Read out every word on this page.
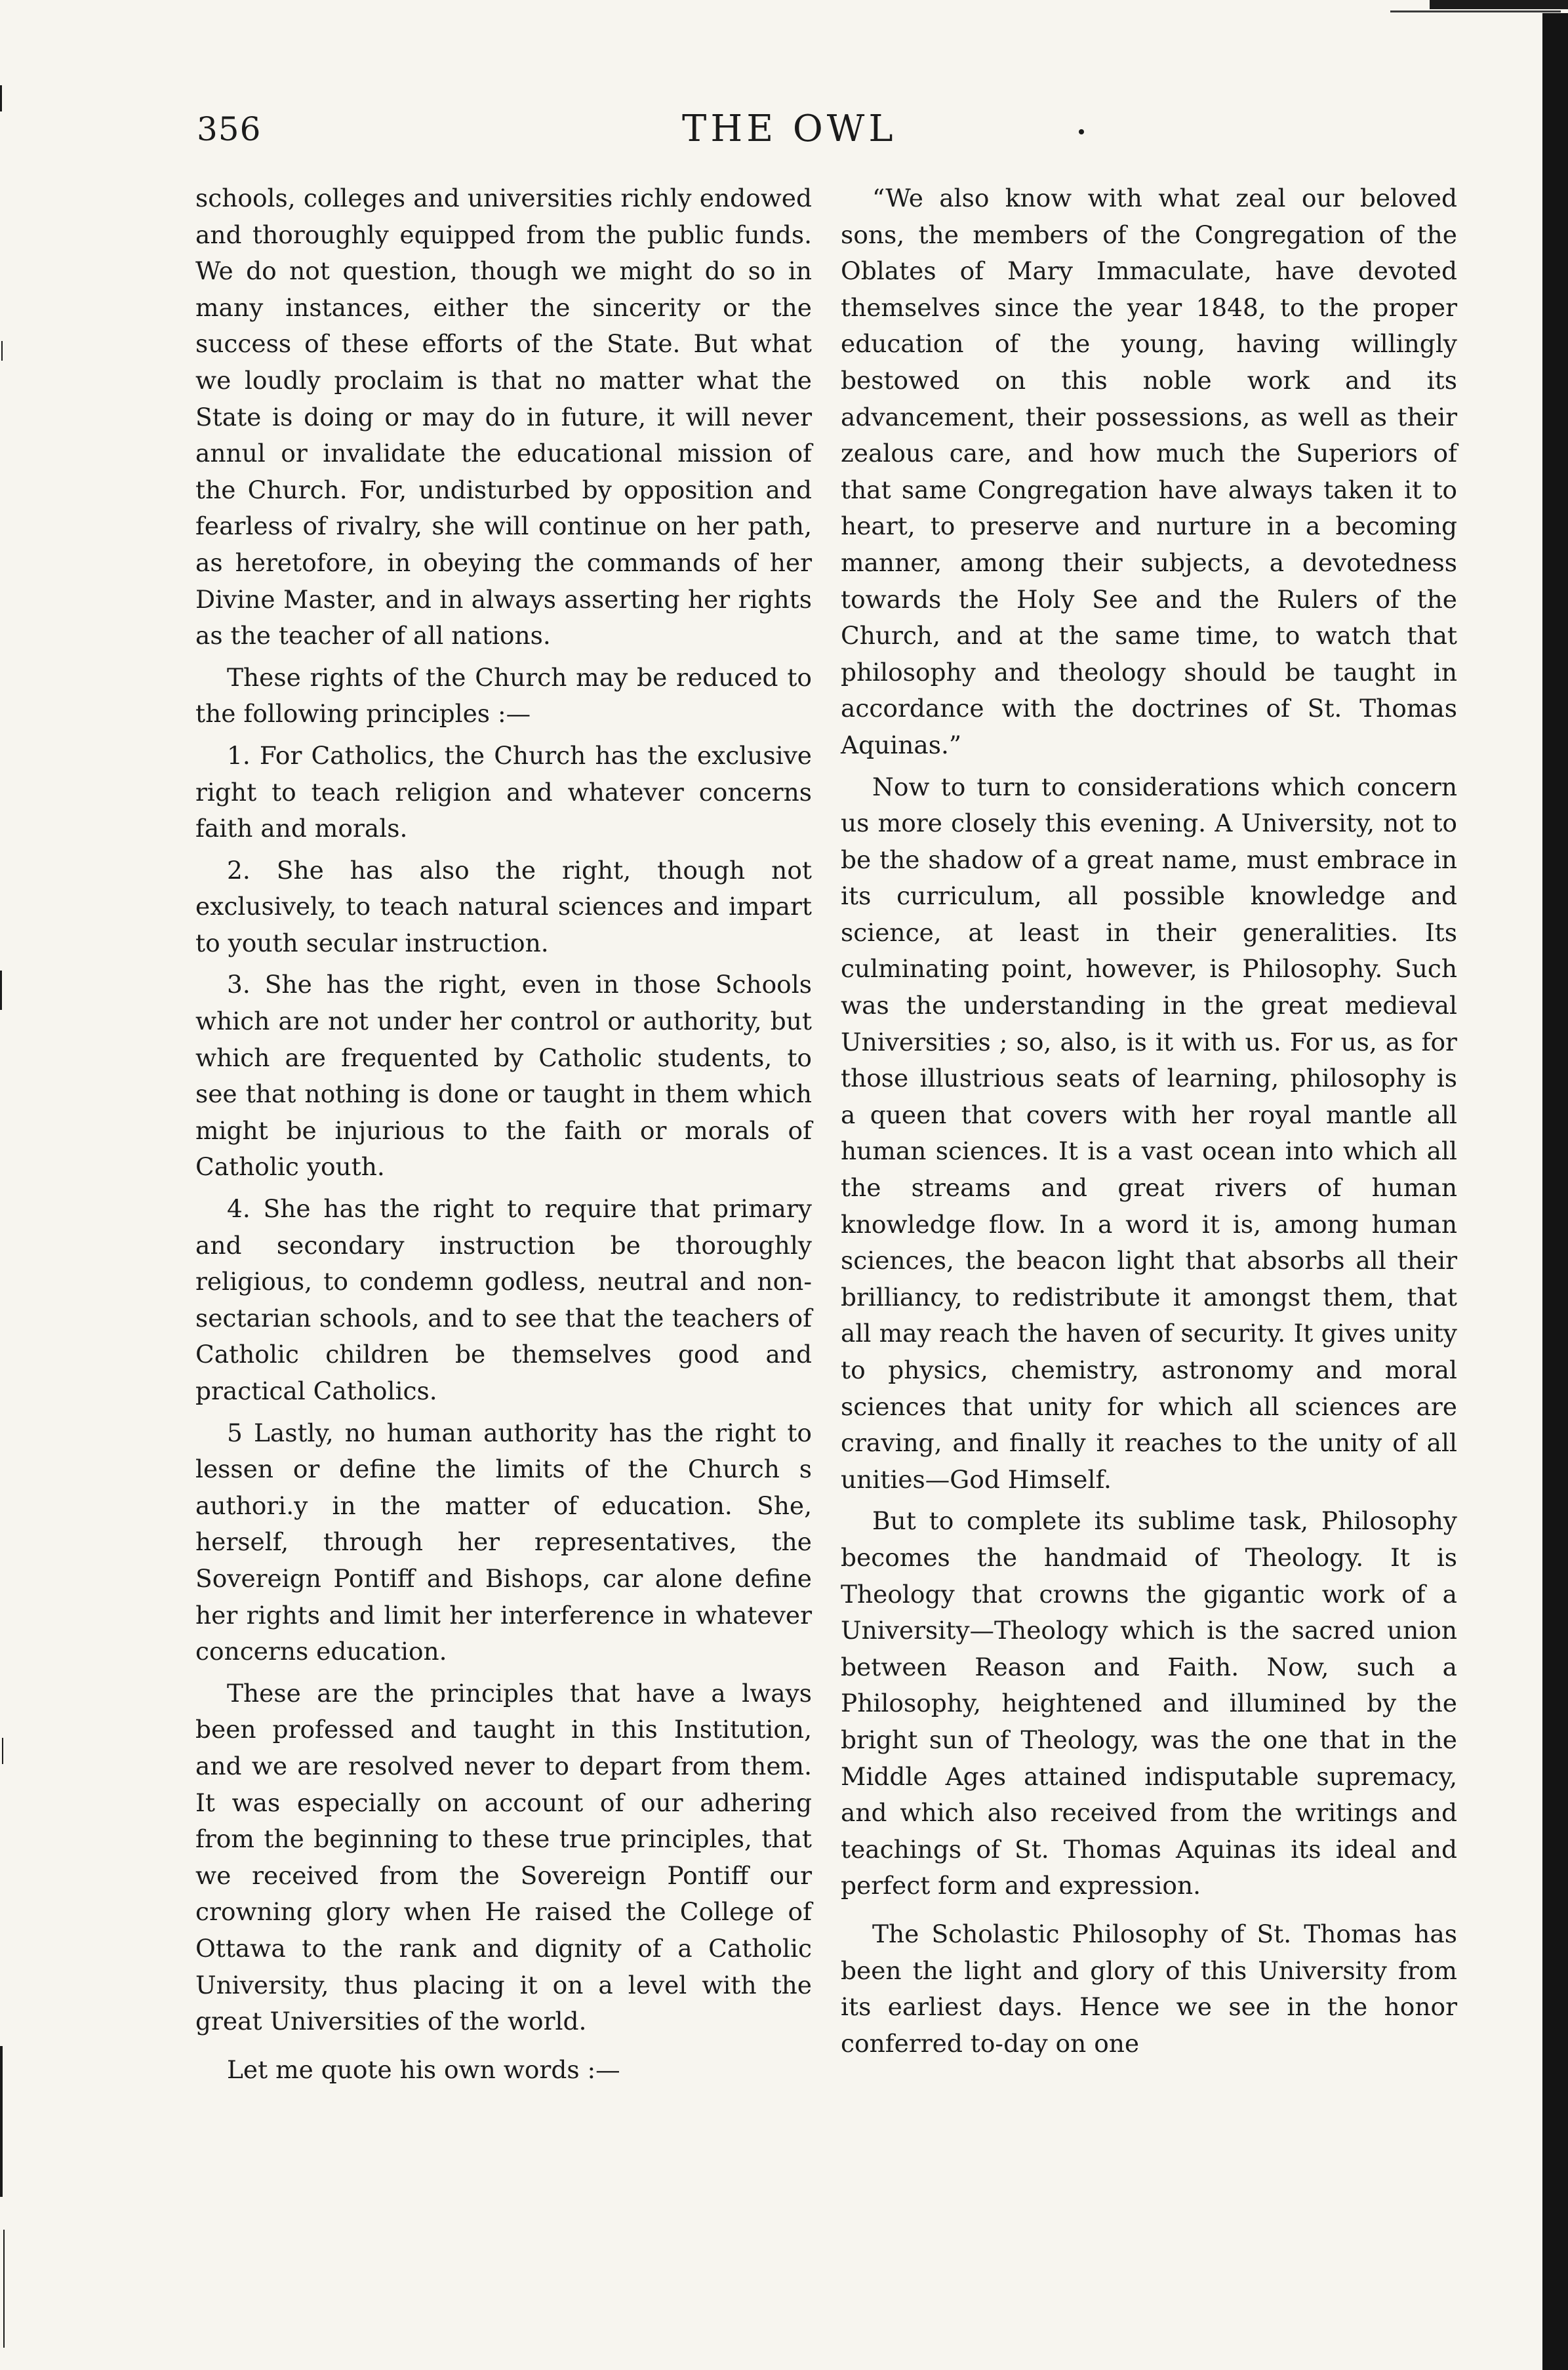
356	THE OWL

schools, colleges and universities richly endowed and thoroughly equipped from the public funds. We do not question, though we might do so in many instances, either the sincerity or the success of these efforts of the State. But what we loudly proclaim is that no matter what the State is doing or may do in future, it will never annul or invalidate the educational mission of the Church. For, undisturbed by opposition and fearless of rivalry, she will continue on her path, as heretofore, in obeying the commands of her Divine Master, and in always asserting her rights as the teacher of all nations.

These rights of the Church may be reduced to the following principles :—

1. For Catholics, the Church has the exclusive right to teach religion and whatever concerns faith and morals.

2. She has also the right, though not exclusively, to teach natural sciences and impart to youth secular instruction.

3. She has the right, even in those Schools which are not under her control or authority, but which are frequented by Catholic students, to see that nothing is done or taught in them which might be injurious to the faith or morals of Catholic youth.

4. She has the right to require that primary and secondary instruction be thoroughly religious, to condemn godless, neutral and non-sectarian schools, and to see that the teachers of Catholic children be themselves good and practical Catholics.

5 Lastly, no human authority has the right to lessen or define the limits of the Church s authori.y in the matter of education. She, herself, through her representatives, the Sovereign Pontiff and Bishops, car alone define her rights and limit her interference in whatever concerns education.

These are the principles that have a lways been professed and taught in this Institution, and we are resolved never to depart from them. It was especially on account of our adhering from the beginning to these true principles, that we received from the Sovereign Pontiff our crowning glory when He raised the College of Ottawa to the rank and dignity of a Catholic University, thus placing it on a level with the great Universities of the world.

Let me quote his own words :—

“We also know with what zeal our beloved sons, the members of the Congregation of the Oblates of Mary Immaculate, have devoted themselves since the year 1848, to the proper education of the young, having willingly bestowed on this noble work and its advancement, their possessions, as well as their zealous care, and how much the Superiors of that same Congregation have always taken it to heart, to preserve and nurture in a becoming manner, among their subjects, a devotedness towards the Holy See and the Rulers of the Church, and at the same time, to watch that philosophy and theology should be taught in accordance with the doctrines of St. Thomas Aquinas.”

Now to turn to considerations which concern us more closely this evening. A University, not to be the shadow of a great name, must embrace in its curriculum, all possible knowledge and science, at least in their generalities. Its culminating point, however, is Philosophy. Such was the understanding in the great medieval Universities ; so, also, is it with us. For us, as for those illustrious seats of learning, philosophy is a queen that covers with her royal mantle all human sciences. It is a vast ocean into which all the streams and great rivers of human knowledge flow. In a word it is, among human sciences, the beacon light that absorbs all their brilliancy, to redistribute it amongst them, that all may reach the haven of security. It gives unity to physics, chemistry, astronomy and moral sciences that unity for which all sciences are craving, and finally it reaches to the unity of all unities—God Himself.

But to complete its sublime task, Philosophy becomes the handmaid of Theology. It is Theology that crowns the gigantic work of a University—Theology which is the sacred union between Reason and Faith. Now, such a Philosophy, heightened and illumined by the bright sun of Theology, was the one that in the Middle Ages attained indisputable supremacy, and which also received from the writings and teachings of St. Thomas Aquinas its ideal and perfect form and expression.

The Scholastic Philosophy of St. Thomas has been the light and glory of this University from its earliest days. Hence we see in the honor conferred to-day on one
